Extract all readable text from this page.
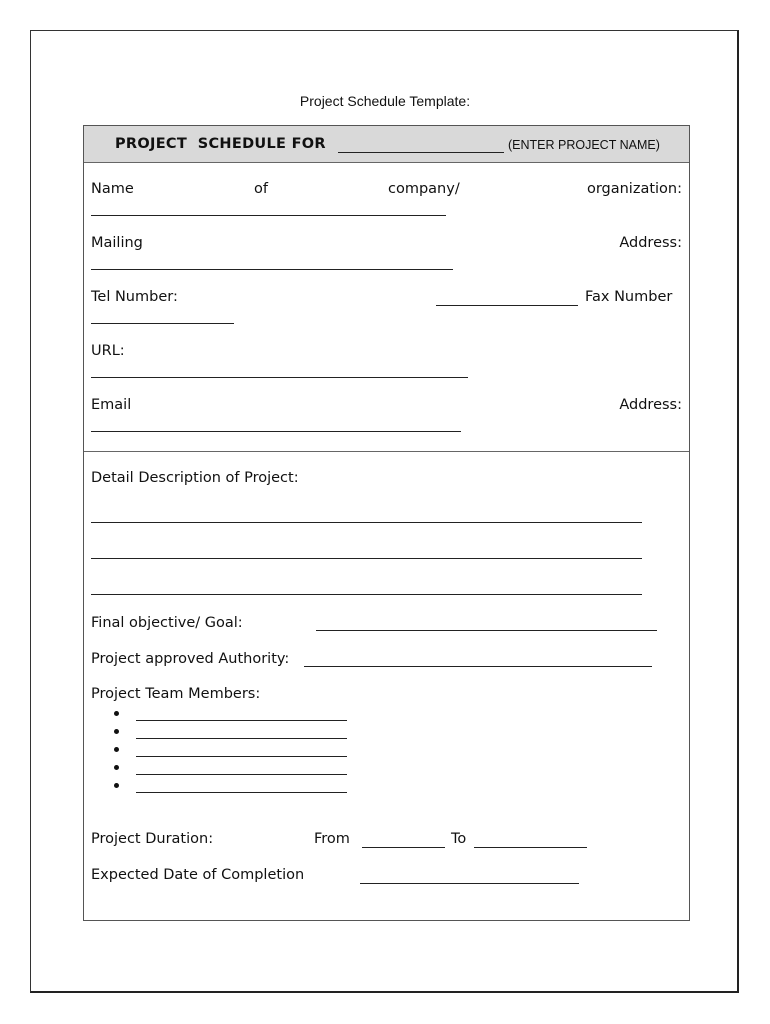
Project Schedule Template:
PROJECT  SCHEDULE FOR	(ENTER PROJECT NAME)
Name	of	company/	organization:
Mailing	Address:
Tel Number:	Fax Number
URL:
Email	Address:
Detail Description of Project:
Final objective/ Goal:
Project approved Authority:
Project Team Members:
Project Duration:	From	To
Expected Date of Completion
